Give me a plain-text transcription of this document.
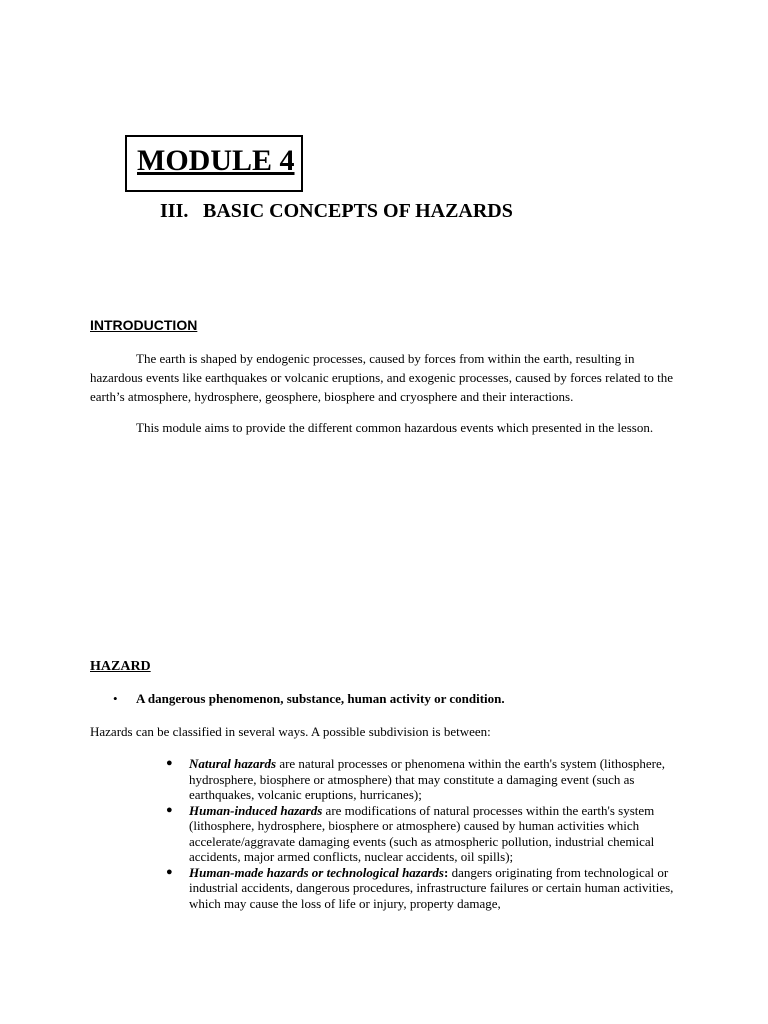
MODULE 4
III. BASIC CONCEPTS OF HAZARDS
INTRODUCTION

The earth is shaped by endogenic processes, caused by forces from within the earth, resulting in hazardous events like earthquakes or volcanic eruptions, and exogenic processes, caused by forces related to the earth’s atmosphere, hydrosphere, geosphere, biosphere and cryosphere and their interactions.

This module aims to provide the different common hazardous events which presented in the lesson.

HAZARD
• A dangerous phenomenon, substance, human activity or condition.

Hazards can be classified in several ways. A possible subdivision is between:

● Natural hazards are natural processes or phenomena within the earth's system (lithosphere, hydrosphere, biosphere or atmosphere) that may constitute a damaging event (such as earthquakes, volcanic eruptions, hurricanes);
● Human-induced hazards are modifications of natural processes within the earth's system (lithosphere, hydrosphere, biosphere or atmosphere) caused by human activities which accelerate/aggravate damaging events (such as atmospheric pollution, industrial chemical accidents, major armed conflicts, nuclear accidents, oil spills);
● Human-made hazards or technological hazards: dangers originating from technological or industrial accidents, dangerous procedures, infrastructure failures or certain human activities, which may cause the loss of life or injury, property damage,
